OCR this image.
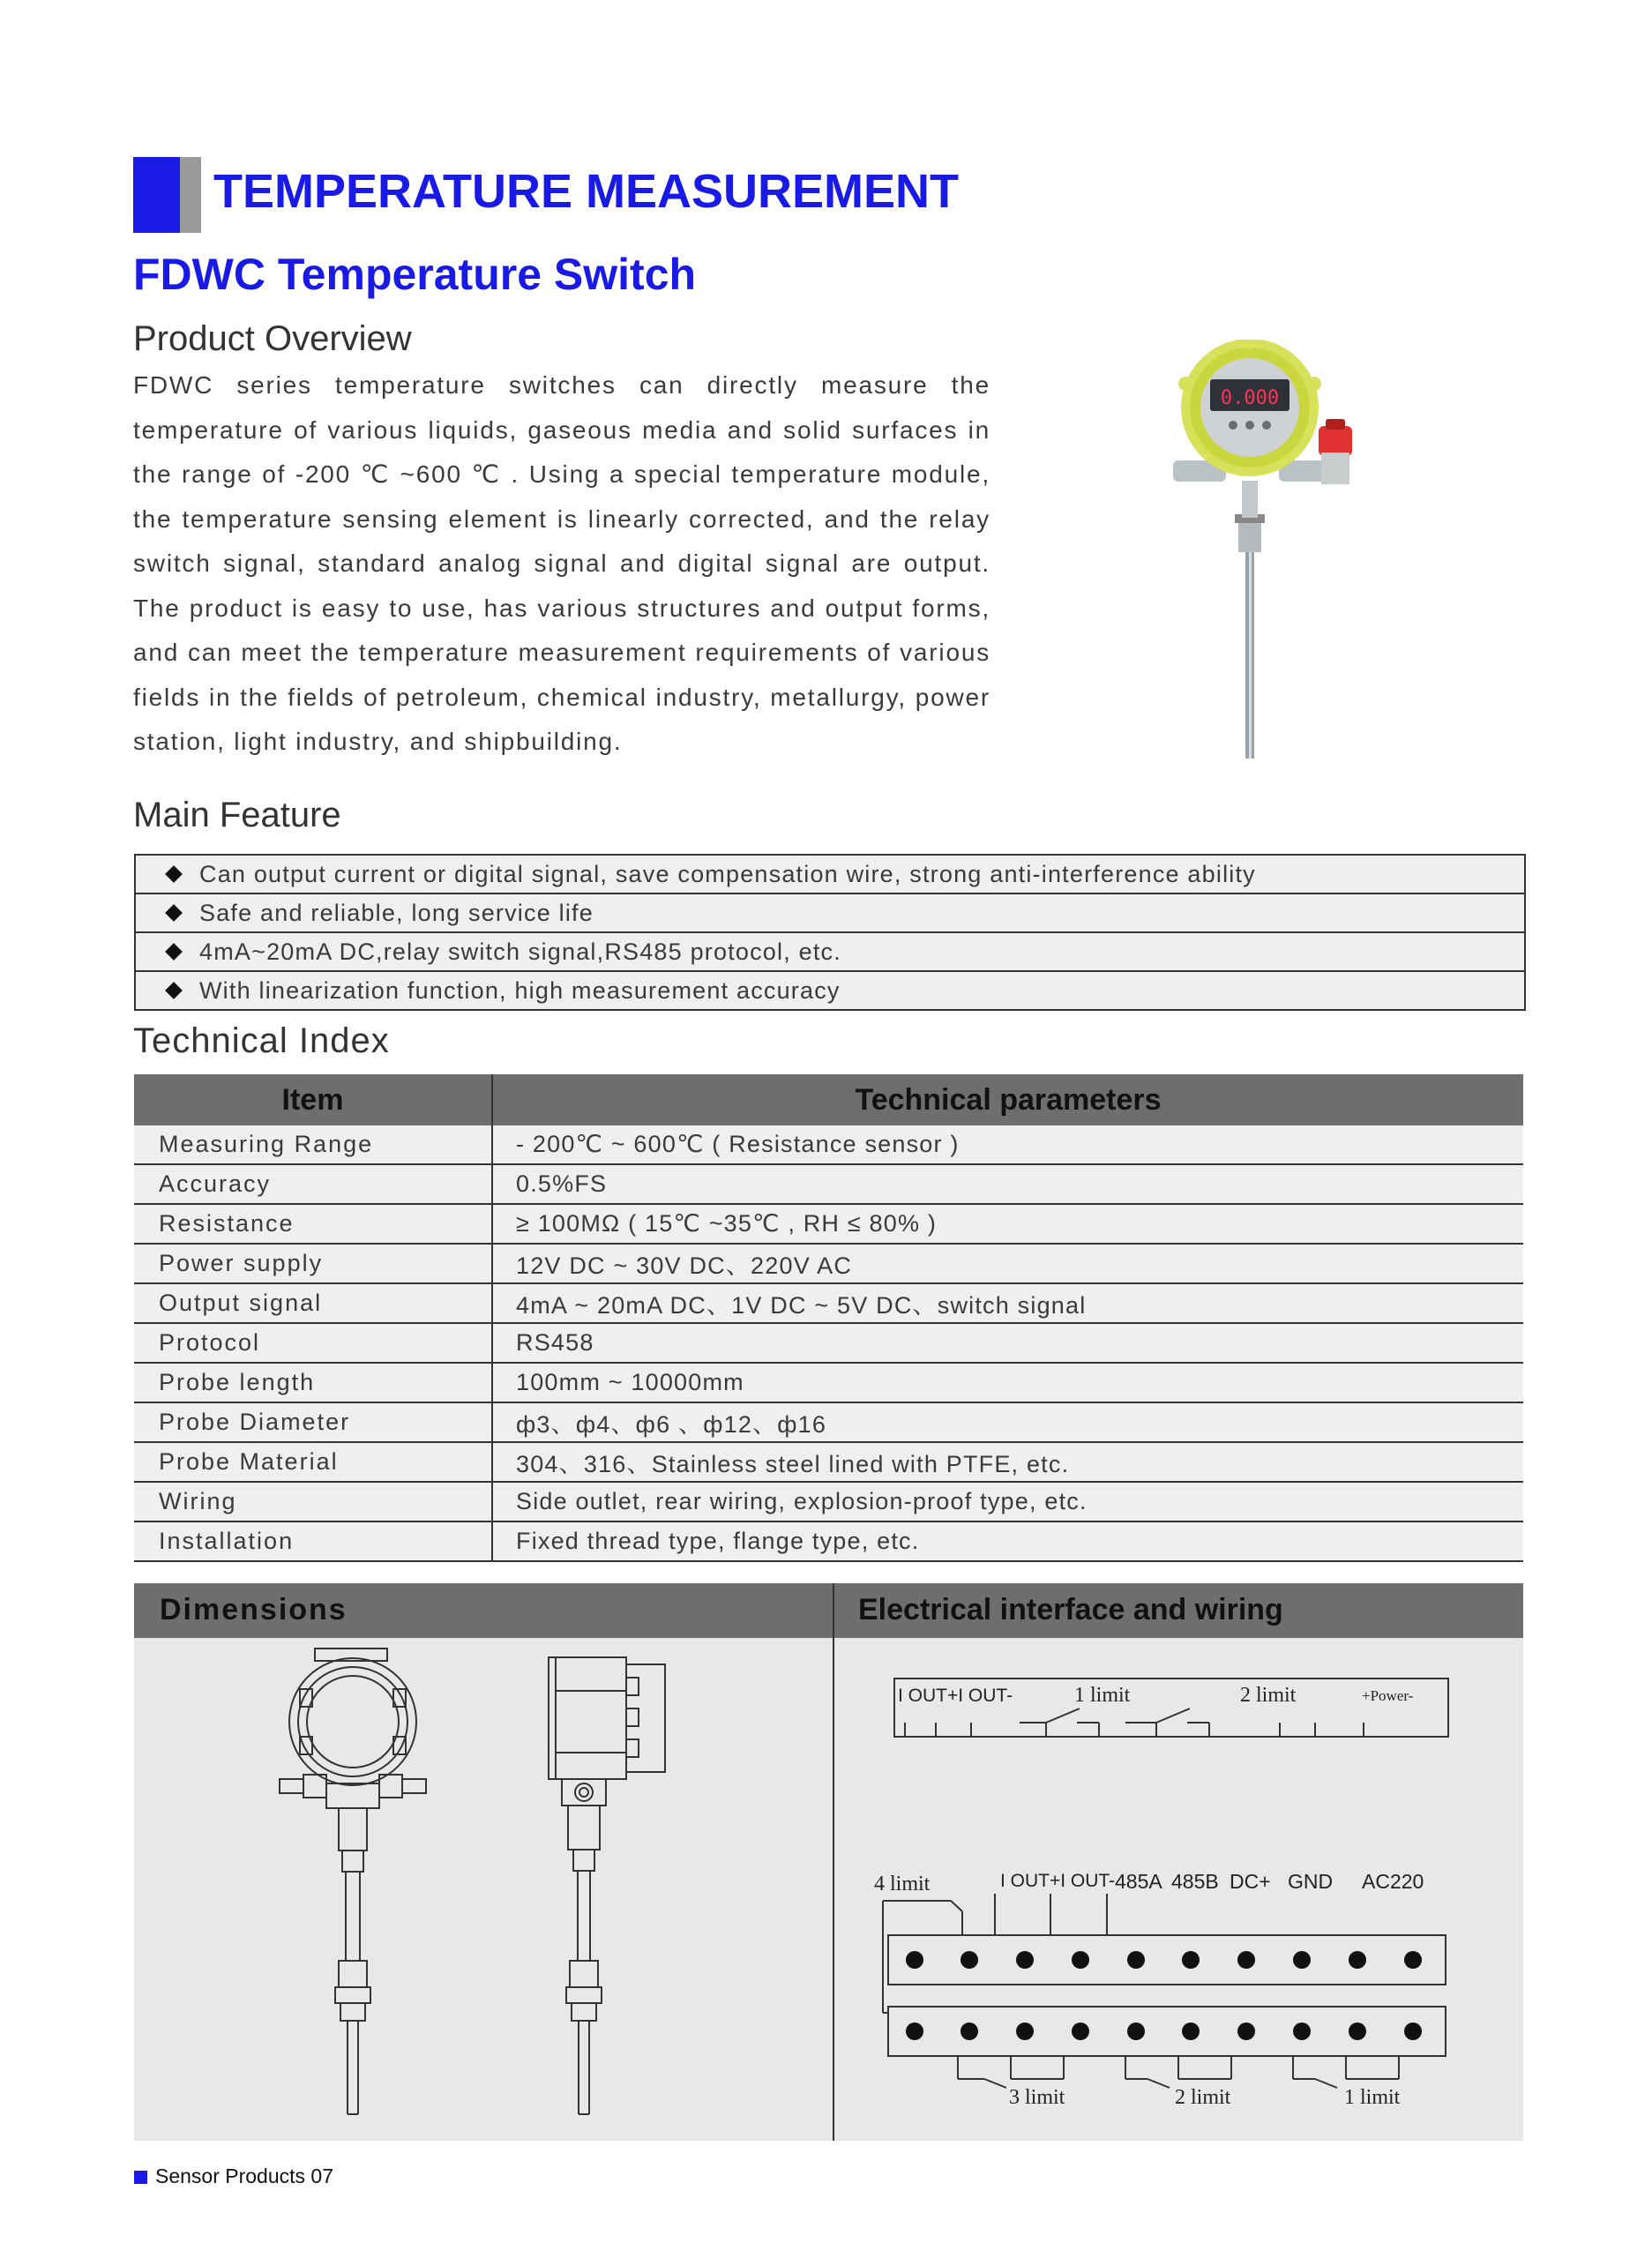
TEMPERATURE MEASUREMENT
FDWC Temperature Switch
Product Overview
FDWC series temperature switches can directly measure the temperature of various liquids, gaseous media and solid surfaces in the range of -200 ℃ ~600 ℃ . Using a special temperature module, the temperature sensing element is linearly corrected, and the relay switch signal, standard analog signal and digital signal are output. The product is easy to use, has various structures and output forms, and can meet the temperature measurement requirements of various fields in the fields of petroleum, chemical industry, metallurgy, power station, light industry, and shipbuilding.
0.000
Main Feature
Can output current or digital signal, save compensation wire, strong anti-interference ability
Safe and reliable, long service life
4mA~20mA DC,relay switch signal,RS485 protocol, etc.
With linearization function, high measurement accuracy
Technical Index
Item	Technical parameters
Measuring Range	- 200℃ ~ 600℃ ( Resistance sensor )
Accuracy	0.5%FS
Resistance	≥ 100MΩ ( 15℃ ~35℃ , RH ≤ 80% )
Power supply	12V DC ~ 30V DC、220V AC
Output signal	4mA ~ 20mA DC、1V DC ~ 5V DC、switch signal
Protocol	RS458
Probe length	100mm ~ 10000mm
Probe Diameter	ф3、ф4、ф6 、ф12、ф16
Probe Material	304、316、Stainless steel lined with PTFE, etc.
Wiring	Side outlet, rear wiring, explosion-proof type, etc.
Installation	Fixed thread type, flange type, etc.
Dimensions	Electrical interface and wiring
I OUT+I OUT-	1 limit	2 limit	+Power-
4 limit	I OUT+I OUT- 485A 485B DC+ GND AC220
3 limit	2 limit	1 limit
Sensor Products 07
